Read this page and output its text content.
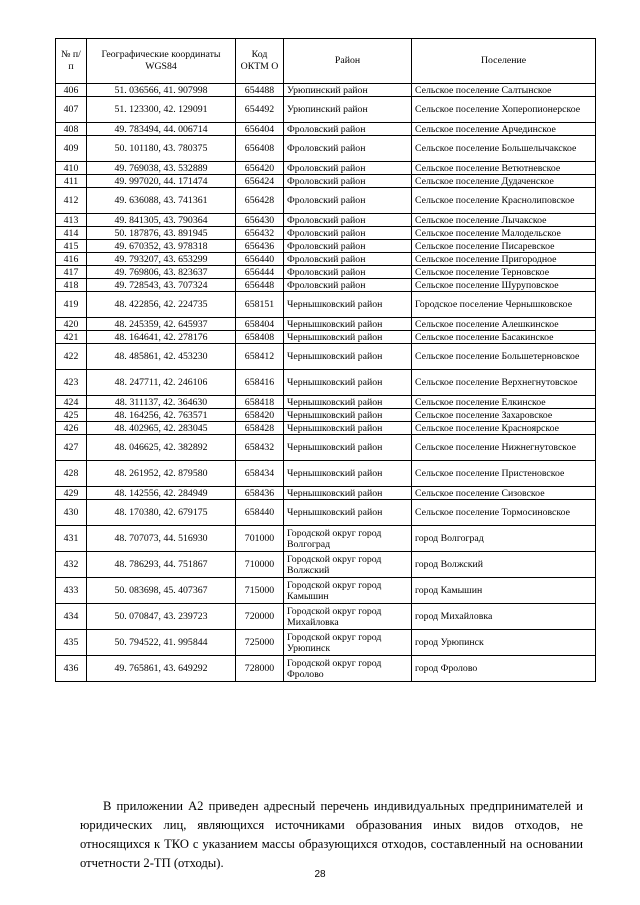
№ п/п	Географические координаты WGS84	Код ОКТМ О	Район	Поселение
406	51. 036566, 41. 907998	654488	Урюпинский район	Сельское поселение Салтынское
407	51. 123300, 42. 129091	654492	Урюпинский район	Сельское поселение Хоперопионерское
408	49. 783494, 44. 006714	656404	Фроловский район	Сельское поселение Арчединское
409	50. 101180, 43. 780375	656408	Фроловский район	Сельское поселение Большелычакское
410	49. 769038, 43. 532889	656420	Фроловский район	Сельское поселение Ветютневское
411	49. 997020, 44. 171474	656424	Фроловский район	Сельское поселение Дудаченское
412	49. 636088, 43. 741361	656428	Фроловский район	Сельское поселение Краснолиповское
413	49. 841305, 43. 790364	656430	Фроловский район	Сельское поселение Лычакское
414	50. 187876, 43. 891945	656432	Фроловский район	Сельское поселение Малодельское
415	49. 670352, 43. 978318	656436	Фроловский район	Сельское поселение Писаревское
416	49. 793207, 43. 653299	656440	Фроловский район	Сельское поселение Пригородное
417	49. 769806, 43. 823637	656444	Фроловский район	Сельское поселение Терновское
418	49. 728543, 43. 707324	656448	Фроловский район	Сельское поселение Шуруповское
419	48. 422856, 42. 224735	658151	Чернышковский район	Городское поселение Чернышковское
420	48. 245359, 42. 645937	658404	Чернышковский район	Сельское поселение Алешкинское
421	48. 164641, 42. 278176	658408	Чернышковский район	Сельское поселение Басакинское
422	48. 485861, 42. 453230	658412	Чернышковский район	Сельское поселение Большетерновское
423	48. 247711, 42. 246106	658416	Чернышковский район	Сельское поселение Верхнегнутовское
424	48. 311137, 42. 364630	658418	Чернышковский район	Сельское поселение Елкинское
425	48. 164256, 42. 763571	658420	Чернышковский район	Сельское поселение Захаровское
426	48. 402965, 42. 283045	658428	Чернышковский район	Сельское поселение Красноярское
427	48. 046625, 42. 382892	658432	Чернышковский район	Сельское поселение Нижнегнутовское
428	48. 261952, 42. 879580	658434	Чернышковский район	Сельское поселение Пристеновское
429	48. 142556, 42. 284949	658436	Чернышковский район	Сельское поселение Сизовское
430	48. 170380, 42. 679175	658440	Чернышковский район	Сельское поселение Тормосиновское
431	48. 707073, 44. 516930	701000	Городской округ город Волгоград	город Волгоград
432	48. 786293, 44. 751867	710000	Городской округ город Волжский	город Волжский
433	50. 083698, 45. 407367	715000	Городской округ город Камышин	город Камышин
434	50. 070847, 43. 239723	720000	Городской округ город Михайловка	город Михайловка
435	50. 794522, 41. 995844	725000	Городской округ город Урюпинск	город Урюпинск
436	49. 765861, 43. 649292	728000	Городской округ город Фролово	город Фролово

В приложении А2 приведен адресный перечень индивидуальных предпринимателей и юридических лиц, являющихся источниками образования иных видов отходов, не относящихся к ТКО с указанием массы образующихся отходов, составленный на основании отчетности 2-ТП (отходы).

28
